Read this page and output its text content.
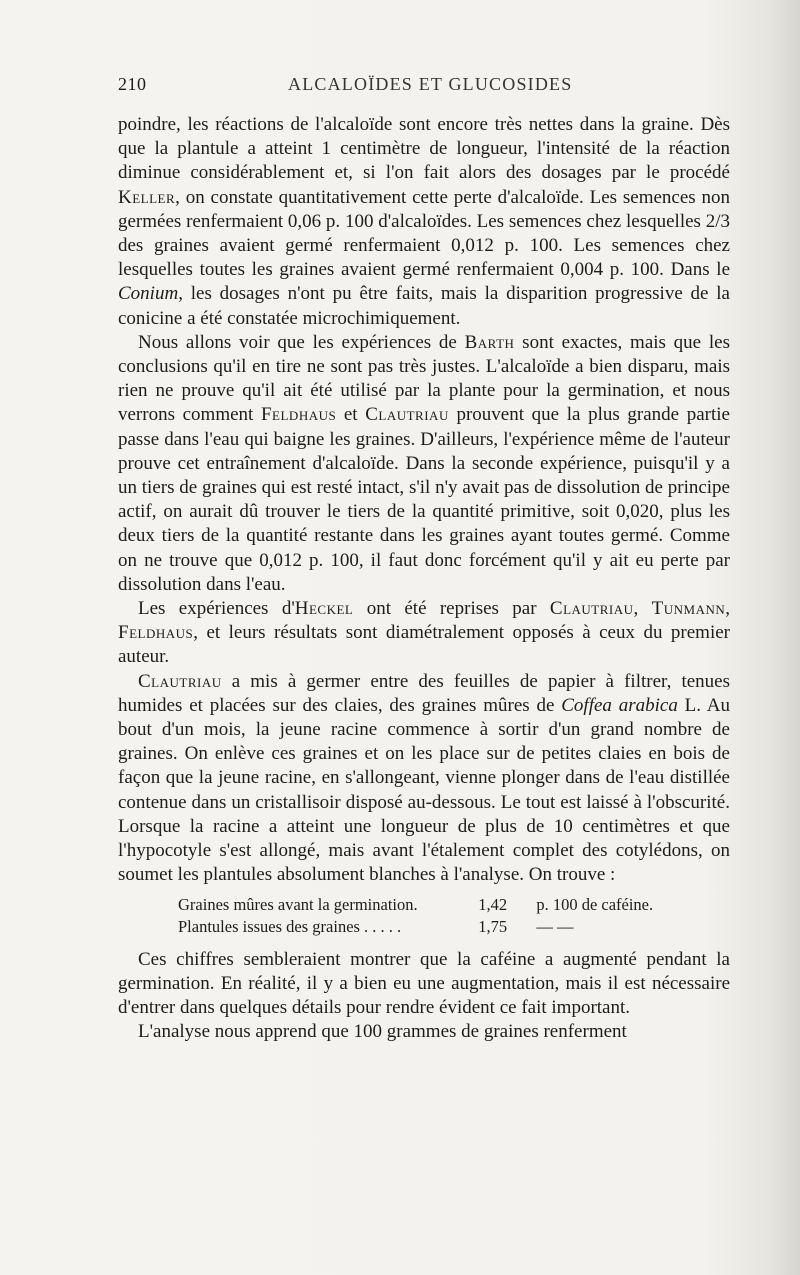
210	ALCALOÏDES ET GLUCOSIDES

poindre, les réactions de l'alcaloïde sont encore très nettes dans la graine. Dès que la plantule a atteint 1 centimètre de longueur, l'intensité de la réaction diminue considérablement et, si l'on fait alors des dosages par le procédé Keller, on constate quantitativement cette perte d'alcaloïde. Les semences non germées renfermaient 0,06 p. 100 d'alcaloïdes. Les semences chez lesquelles 2/3 des graines avaient germé renfermaient 0,012 p. 100. Les semences chez lesquelles toutes les graines avaient germé renfermaient 0,004 p. 100. Dans le Conium, les dosages n'ont pu être faits, mais la disparition progressive de la conicine a été constatée microchimiquement.

Nous allons voir que les expériences de Barth sont exactes, mais que les conclusions qu'il en tire ne sont pas très justes. L'alcaloïde a bien disparu, mais rien ne prouve qu'il ait été utilisé par la plante pour la germination, et nous verrons comment Feldhaus et Clautriau prouvent que la plus grande partie passe dans l'eau qui baigne les graines. D'ailleurs, l'expérience même de l'auteur prouve cet entraînement d'alcaloïde. Dans la seconde expérience, puisqu'il y a un tiers de graines qui est resté intact, s'il n'y avait pas de dissolution de principe actif, on aurait dû trouver le tiers de la quantité primitive, soit 0,020, plus les deux tiers de la quantité restante dans les graines ayant toutes germé. Comme on ne trouve que 0,012 p. 100, il faut donc forcément qu'il y ait eu perte par dissolution dans l'eau.

Les expériences d'Heckel ont été reprises par Clautriau, Tunmann, Feldhaus, et leurs résultats sont diamétralement opposés à ceux du premier auteur.

Clautriau a mis à germer entre des feuilles de papier à filtrer, tenues humides et placées sur des claies, des graines mûres de Coffea arabica L. Au bout d'un mois, la jeune racine commence à sortir d'un grand nombre de graines. On enlève ces graines et on les place sur de petites claies en bois de façon que la jeune racine, en s'allongeant, vienne plonger dans de l'eau distillée contenue dans un cristallisoir disposé au-dessous. Le tout est laissé à l'obscurité. Lorsque la racine a atteint une longueur de plus de 10 centimètres et que l'hypocotyle s'est allongé, mais avant l'étalement complet des cotylédons, on soumet les plantules absolument blanches à l'analyse. On trouve :

Graines mûres avant la germination.	1,42	p. 100 de caféine.
Plantules issues des graines . . . . .	1,75	— —

Ces chiffres sembleraient montrer que la caféine a augmenté pendant la germination. En réalité, il y a bien eu une augmentation, mais il est nécessaire d'entrer dans quelques détails pour rendre évident ce fait important.

L'analyse nous apprend que 100 grammes de graines renferment
